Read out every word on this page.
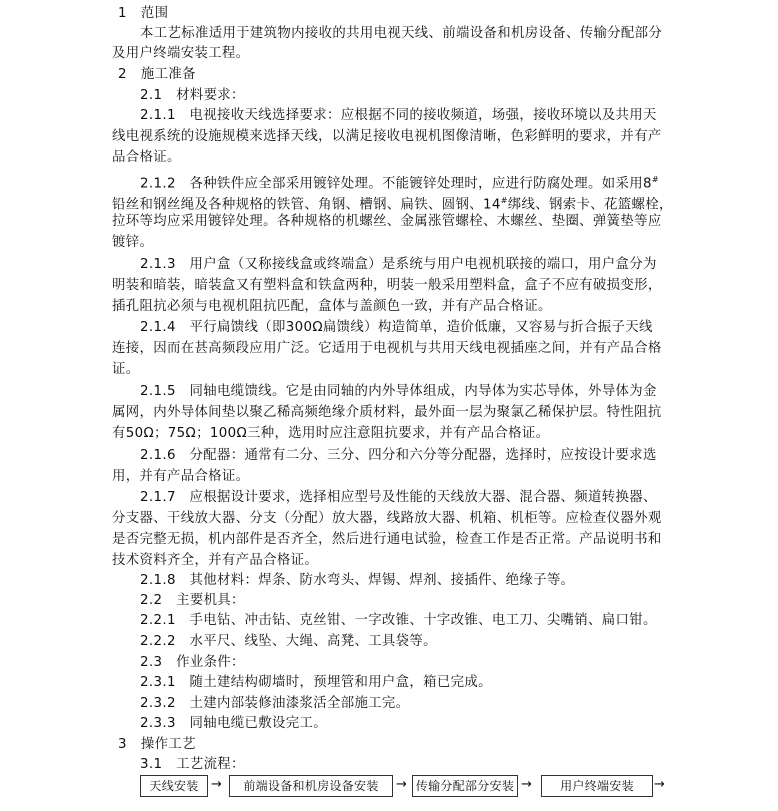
1 范围
本工艺标准适用于建筑物内接收的共用电视天线、前端设备和机房设备、传输分配部分
及用户终端安装工程。
2 施工准备
2.1　材料要求：
2.1.1　电视接收天线选择要求：应根据不同的接收频道，场强，接收环境以及共用天
线电视系统的设施规模来选择天线，以满足接收电视机图像清晰，色彩鲜明的要求，并有产
品合格证。
2.1.2　各种铁件应全部采用镀锌处理。不能镀锌处理时，应进行防腐处理。如采用8#
铅丝和钢丝绳及各种规格的铁管、角钢、槽钢、扁铁、圆钢、14#绑线、钢索卡、花篮螺栓，
拉环等均应采用镀锌处理。各种规格的机螺丝、金属涨管螺栓、木螺丝、垫圈、弹簧垫等应
镀锌。
2.1.3　用户盒（又称接线盒或终端盒）是系统与用户电视机联接的端口，用户盒分为
明装和暗装，暗装盒又有塑料盒和铁盒两种，明装一般采用塑料盒，盒子不应有破损变形，
插孔阻抗必须与电视机阻抗匹配，盒体与盖颜色一致，并有产品合格证。
2.1.4　平行扁馈线（即300Ω扁馈线）构造简单，造价低廉，又容易与折合振子天线
连接，因而在甚高频段应用广泛。它适用于电视机与共用天线电视插座之间，并有产品合格
证。
2.1.5　同轴电缆馈线。它是由同轴的内外导体组成，内导体为实芯导体，外导体为金
属网，内外导体间垫以聚乙稀高频绝缘介质材料，最外面一层为聚氯乙稀保护层。特性阻抗
有50Ω；75Ω；100Ω三种，选用时应注意阻抗要求，并有产品合格证。
2.1.6　分配器：通常有二分、三分、四分和六分等分配器，选择时，应按设计要求选
用，并有产品合格证。
2.1.7　应根据设计要求，选择相应型号及性能的天线放大器、混合器、频道转换器、
分支器、干线放大器、分支（分配）放大器，线路放大器、机箱、机柜等。应检查仪器外观
是否完整无损，机内部件是否齐全，然后进行通电试验，检查工作是否正常。产品说明书和
技术资料齐全，并有产品合格证。
2.1.8　其他材料：焊条、防水弯头、焊锡、焊剂、接插件、绝缘子等。
2.2　主要机具：
2.2.1　手电钻、冲击钻、克丝钳、一字改锥、十字改锥、电工刀、尖嘴销、扁口钳。
2.2.2　水平尺、线坠、大绳、高凳、工具袋等。
2.3　作业条件：
2.3.1　随土建结构砌墙时，预埋管和用户盒，箱已完成。
2.3.2　土建内部装修油漆浆活全部施工完。
2.3.3　同轴电缆已敷设完工。
3 操作工艺
3.1　工艺流程：
天线安装 →	前端设备和机房设备安装	→ 传输分配部分安装 →	用户终端安装	→
